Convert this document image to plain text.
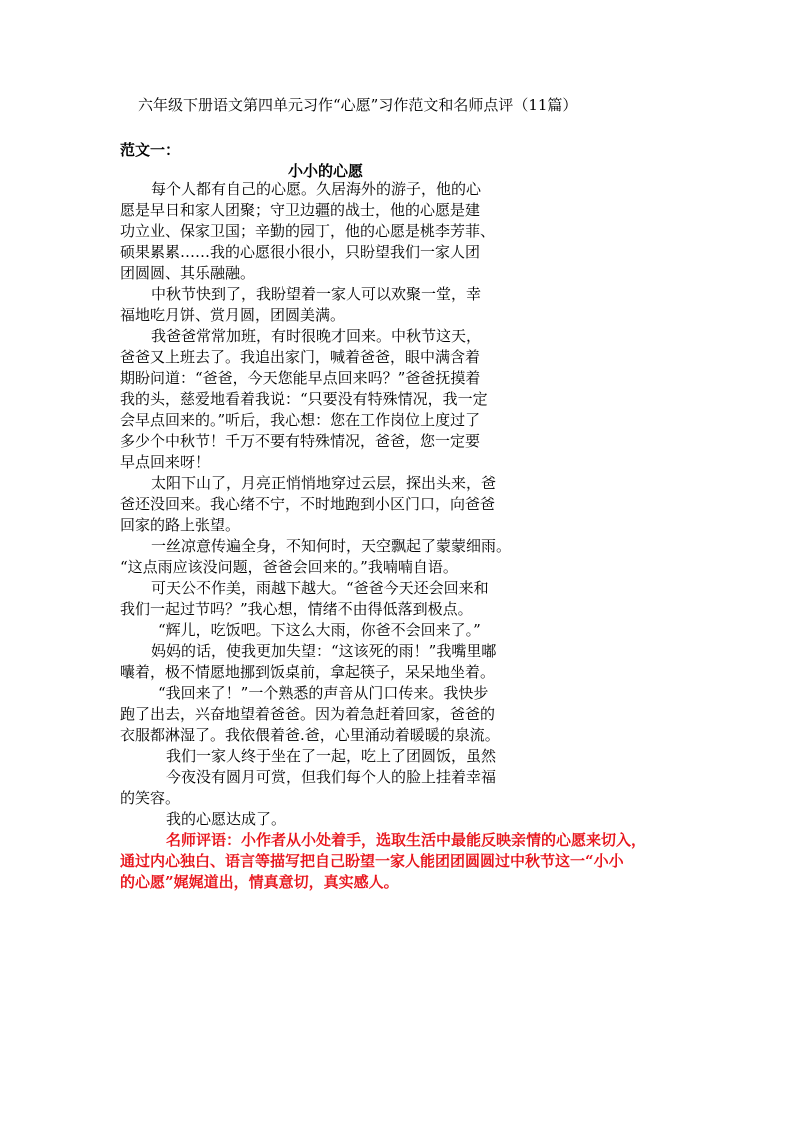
六年级下册语文第四单元习作“心愿”习作范文和名师点评（11篇）
范文一：
小小的心愿
每个人都有自己的心愿。久居海外的游子，他的心
愿是早日和家人团聚；守卫边疆的战士，他的心愿是建
功立业、保家卫国；辛勤的园丁，他的心愿是桃李芳菲、
硕果累累……我的心愿很小很小，只盼望我们一家人团
团圆圆、其乐融融。
中秋节快到了，我盼望着一家人可以欢聚一堂，幸
福地吃月饼、赏月圆，团圆美满。
我爸爸常常加班，有时很晚才回来。中秋节这天，
爸爸又上班去了。我追出家门，喊着爸爸，眼中满含着
期盼问道：“爸爸，今天您能早点回来吗？”爸爸抚摸着
我的头，慈爱地看着我说：“只要没有特殊情况，我一定
会早点回来的。”听后，我心想：您在工作岗位上度过了
多少个中秋节！千万不要有特殊情况，爸爸，您一定要
早点回来呀！
太阳下山了，月亮正悄悄地穿过云层，探出头来，爸
爸还没回来。我心绪不宁，不时地跑到小区门口，向爸爸
回家的路上张望。
一丝凉意传遍全身，不知何时，天空飘起了蒙蒙细雨。
“这点雨应该没问题，爸爸会回来的。”我喃喃自语。
可天公不作美，雨越下越大。“爸爸今天还会回来和
我们一起过节吗？”我心想，情绪不由得低落到极点。
“辉儿，吃饭吧。下这么大雨，你爸不会回来了。”
妈妈的话，使我更加失望：“这该死的雨！”我嘴里嘟
囔着，极不情愿地挪到饭桌前，拿起筷子，呆呆地坐着。
“我回来了！”一个熟悉的声音从门口传来。我快步
跑了出去，兴奋地望着爸爸。因为着急赶着回家，爸爸的
衣服都淋湿了。我依偎着爸.爸，心里涌动着暖暖的泉流。
我们一家人终于坐在了一起，吃上了团圆饭，虽然
今夜没有圆月可赏，但我们每个人的脸上挂着幸福
的笑容。
我的心愿达成了。
名师评语：小作者从小处着手，选取生活中最能反映亲情的心愿来切入，
通过内心独白、语言等描写把自己盼望一家人能团团圆圆过中秋节这一“小小
的心愿”娓娓道出，情真意切，真实感人。
